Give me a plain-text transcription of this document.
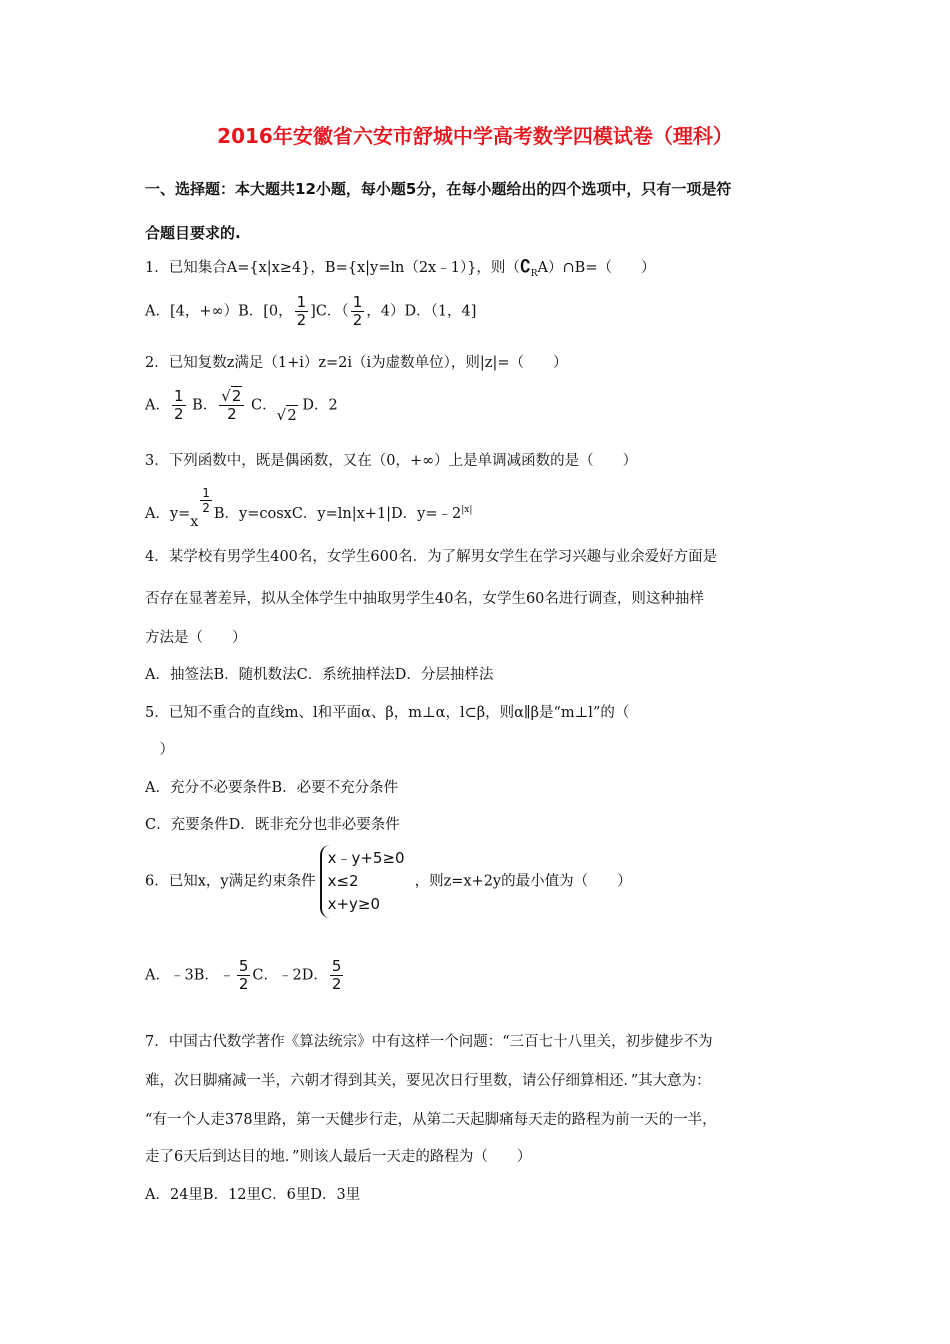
2016年安徽省六安市舒城中学高考数学四模试卷（理科）
一、选择题：本大题共12小题，每小题5分，在每小题给出的四个选项中，只有一项是符
合题目要求的.
1．已知集合A={x|x≥4}，B={x|y=ln（2x﹣1）}，则$(∁_RA)\cap B=$（　　）
A．[4，+∞）B．[0， $\frac{1}{2} ]C$．（ $\frac{1}{2}$ ，4）D．（1，4]
2．已知复数z满足（1+i）z=2i（i为虚数单位），则|z|=（　　）
A． $\frac{1}{2}$ B． $\frac{√2}{2}$ C．√2 D．2
3．下列函数中，既是偶函数，又在（0，+∞）上是单调减函数的是（　　）
A．y=x
$\frac{1}{2}$ B．y=cosxC．y=ln|x+1|D．$y=﹣2^{|x|}$
4．某学校有男学生400名，女学生600名．为了解男女学生在学习兴趣与业余爱好方面是
否存在显著差异，拟从全体学生中抽取男学生40名，女学生60名进行调查，则这种抽样
方法是（　　）
A．抽签法B．随机数法C．系统抽样法D．分层抽样法
5．已知不重合的直线m、l和平面α、β，m⊥α，l⊂β，则α∥β是“m⊥l”的（
　）
A．充分不必要条件B．必要不充分条件
C．充要条件D．既非充分也非必要条件
6．已知x，y满足约束条件
x﹣y+5≥0
x≤2
x+y≥0
，则z=x+2y的最小值为（　　）
A．﹣3B．﹣ $\frac{5}{2}$ C．﹣2D． $\frac{5}{2}$
7．中国古代数学著作《算法统宗》中有这样一个问题：“三百七十八里关，初步健步不为
难，次日脚痛减一半，六朝才得到其关，要见次日行里数，请公仔细算相还．”其大意为：
“有一个人走378里路，第一天健步行走，从第二天起脚痛每天走的路程为前一天的一半，
走了6天后到达目的地．”则该人最后一天走的路程为（　　）
A．24里B．12里C．6里D．3里
